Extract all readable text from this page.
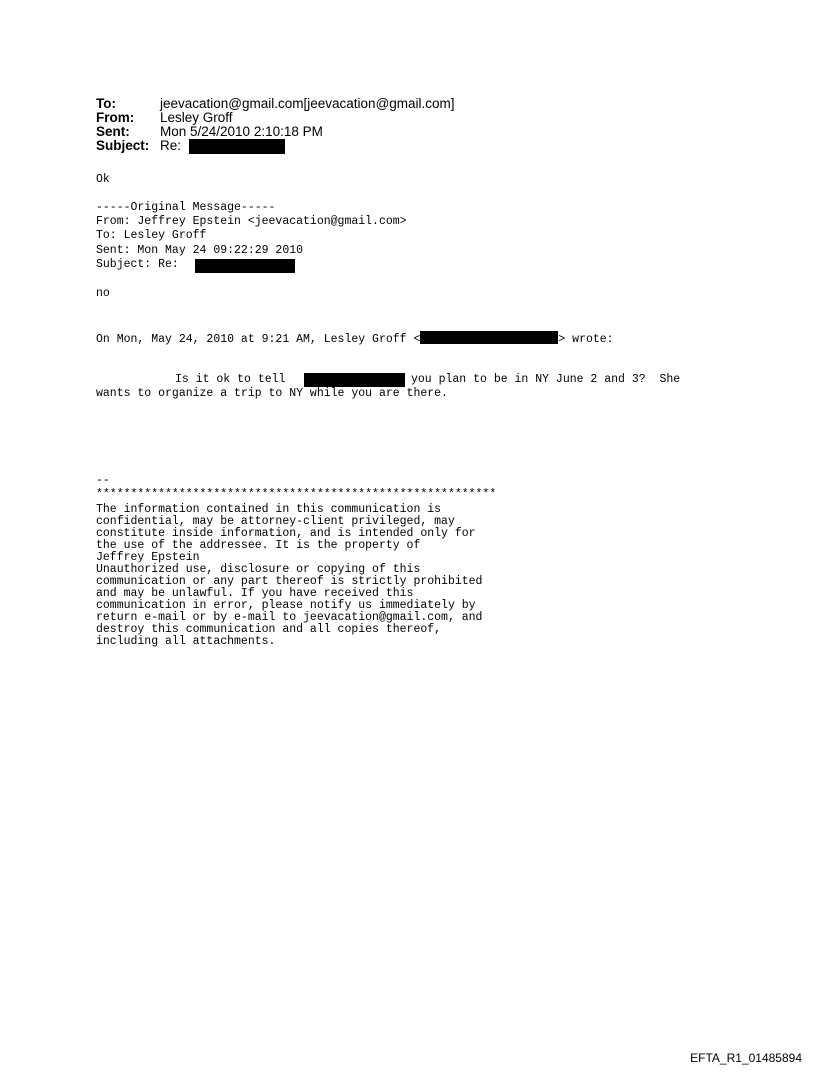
To:	jeevacation@gmail.com[jeevacation@gmail.com]
From:	Lesley Groff
Sent:	Mon 5/24/2010 2:10:18 PM
Subject: Re:
Ok
-----Original Message-----
From: Jeffrey Epstein <jeevacation@gmail.com>
To: Lesley Groff
Sent: Mon May 24 09:22:29 2010
Subject: Re:
no
On Mon, May 24, 2010 at 9:21 AM, Lesley Groff <	> wrote:
Is it ok to tell	you plan to be in NY June 2 and 3?  She
wants to organize a trip to NY while you are there.
--
**********************************************************
The information contained in this communication is
confidential, may be attorney-client privileged, may
constitute inside information, and is intended only for
the use of the addressee. It is the property of
Jeffrey Epstein
Unauthorized use, disclosure or copying of this
communication or any part thereof is strictly prohibited
and may be unlawful. If you have received this
communication in error, please notify us immediately by
return e-mail or by e-mail to jeevacation@gmail.com, and
destroy this communication and all copies thereof,
including all attachments.
EFTA_R1_01485894
